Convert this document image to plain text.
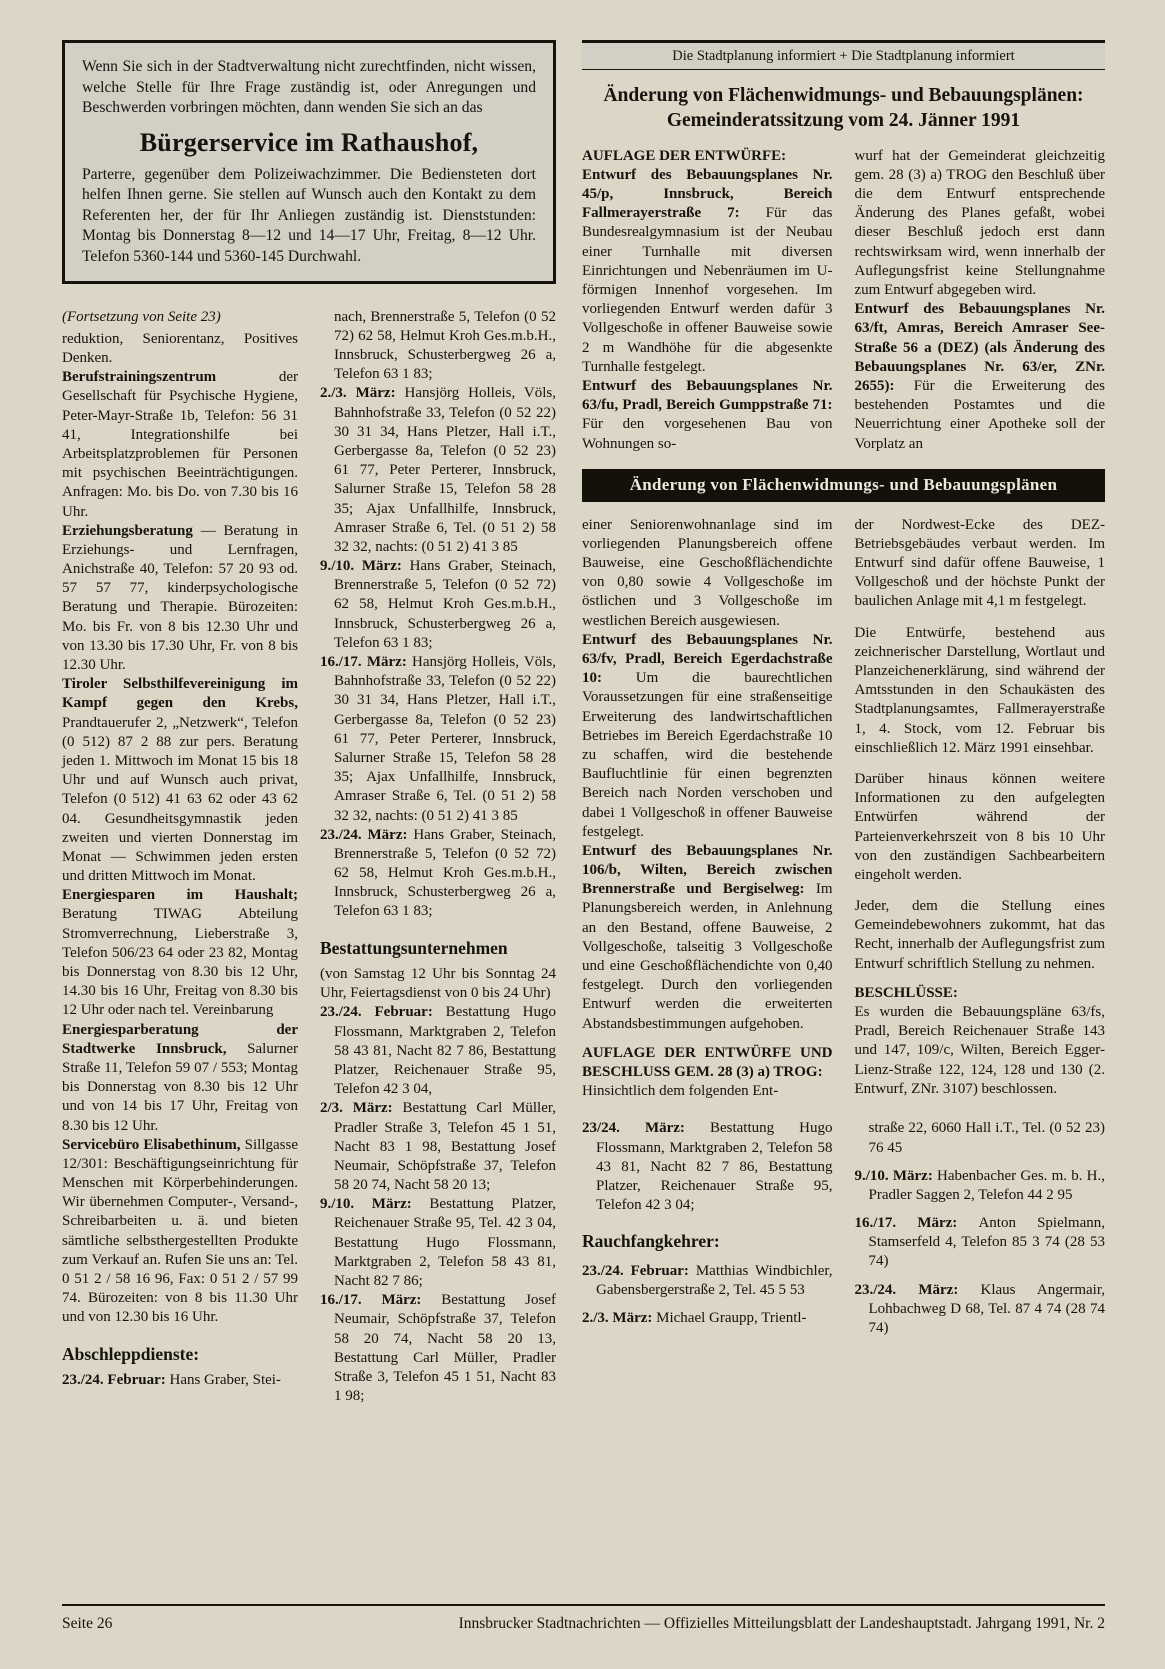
Wenn Sie sich in der Stadtverwaltung nicht zurechtfinden, nicht wissen, welche Stelle für Ihre Frage zuständig ist, oder Anregungen und Beschwerden vorbringen möchten, dann wenden Sie sich an das

Bürgerservice im Rathaushof,

Parterre, gegenüber dem Polizeiwachzimmer. Die Bediensteten dort helfen Ihnen gerne. Sie stellen auf Wunsch auch den Kontakt zu dem Referenten her, der für Ihr Anliegen zuständig ist. Dienststunden: Montag bis Donnerstag 8—12 und 14—17 Uhr, Freitag, 8—12 Uhr. Telefon 5360-144 und 5360-145 Durchwahl.

(Fortsetzung von Seite 23)

reduktion, Seniorentanz, Positives Denken.

Berufstrainingszentrum der Gesellschaft für Psychische Hygiene, Peter-Mayr-Straße 1b, Telefon: 56 31 41, Integrationshilfe bei Arbeitsplatzproblemen für Personen mit psychischen Beeinträchtigungen. Anfragen: Mo. bis Do. von 7.30 bis 16 Uhr.

Erziehungsberatung — Beratung in Erziehungs- und Lernfragen, Anichstraße 40, Telefon: 57 20 93 od. 57 57 77, kinderpsychologische Beratung und Therapie. Bürozeiten: Mo. bis Fr. von 8 bis 12.30 Uhr und von 13.30 bis 17.30 Uhr, Fr. von 8 bis 12.30 Uhr.

Tiroler Selbsthilfevereinigung im Kampf gegen den Krebs, Prandtauerufer 2, „Netzwerk“, Telefon (0 512) 87 2 88 zur pers. Beratung jeden 1. Mittwoch im Monat 15 bis 18 Uhr und auf Wunsch auch privat, Telefon (0 512) 41 63 62 oder 43 62 04. Gesundheitsgymnastik jeden zweiten und vierten Donnerstag im Monat — Schwimmen jeden ersten und dritten Mittwoch im Monat.

Energiesparen im Haushalt; Beratung TIWAG Abteilung Stromverrechnung, Lieberstraße 3, Telefon 506/23 64 oder 23 82, Montag bis Donnerstag von 8.30 bis 12 Uhr, 14.30 bis 16 Uhr, Freitag von 8.30 bis 12 Uhr oder nach tel. Vereinbarung

Energiesparberatung der Stadtwerke Innsbruck, Salurner Straße 11, Telefon 59 07 / 553; Montag bis Donnerstag von 8.30 bis 12 Uhr und von 14 bis 17 Uhr, Freitag von 8.30 bis 12 Uhr.

Servicebüro Elisabethinum, Sillgasse 12/301: Beschäftigungseinrichtung für Menschen mit Körperbehinderungen. Wir übernehmen Computer-, Versand-, Schreibarbeiten u. ä. und bieten sämtliche selbsthergestellten Produkte zum Verkauf an. Rufen Sie uns an: Tel. 0 51 2 / 58 16 96, Fax: 0 51 2 / 57 99 74. Bürozeiten: von 8 bis 11.30 Uhr und von 12.30 bis 16 Uhr.

Abschleppdienste:

23./24. Februar: Hans Graber, Stei-

nach, Brennerstraße 5, Telefon (0 52 72) 62 58, Helmut Kroh Ges.m.b.H., Innsbruck, Schusterbergweg 26 a, Telefon 63 1 83;

2./3. März: Hansjörg Holleis, Völs, Bahnhofstraße 33, Telefon (0 52 22) 30 31 34, Hans Pletzer, Hall i.T., Gerbergasse 8a, Telefon (0 52 23) 61 77, Peter Perterer, Innsbruck, Salurner Straße 15, Telefon 58 28 35; Ajax Unfallhilfe, Innsbruck, Amraser Straße 6, Tel. (0 51 2) 58 32 32, nachts: (0 51 2) 41 3 85

9./10. März: Hans Graber, Steinach, Brennerstraße 5, Telefon (0 52 72) 62 58, Helmut Kroh Ges.m.b.H., Innsbruck, Schusterbergweg 26 a, Telefon 63 1 83;

16./17. März: Hansjörg Holleis, Völs, Bahnhofstraße 33, Telefon (0 52 22) 30 31 34, Hans Pletzer, Hall i.T., Gerbergasse 8a, Telefon (0 52 23) 61 77, Peter Perterer, Innsbruck, Salurner Straße 15, Telefon 58 28 35; Ajax Unfallhilfe, Innsbruck, Amraser Straße 6, Tel. (0 51 2) 58 32 32, nachts: (0 51 2) 41 3 85

23./24. März: Hans Graber, Steinach, Brennerstraße 5, Telefon (0 52 72) 62 58, Helmut Kroh Ges.m.b.H., Innsbruck, Schusterbergweg 26 a, Telefon 63 1 83;

Bestattungsunternehmen

(von Samstag 12 Uhr bis Sonntag 24 Uhr, Feiertagsdienst von 0 bis 24 Uhr)

23./24. Februar: Bestattung Hugo Flossmann, Marktgraben 2, Telefon 58 43 81, Nacht 82 7 86, Bestattung Platzer, Reichenauer Straße 95, Telefon 42 3 04,

2/3. März: Bestattung Carl Müller, Pradler Straße 3, Telefon 45 1 51, Nacht 83 1 98, Bestattung Josef Neumair, Schöpfstraße 37, Telefon 58 20 74, Nacht 58 20 13;

9./10. März: Bestattung Platzer, Reichenauer Straße 95, Tel. 42 3 04, Bestattung Hugo Flossmann, Marktgraben 2, Telefon 58 43 81, Nacht 82 7 86;

16./17. März: Bestattung Josef Neumair, Schöpfstraße 37, Telefon 58 20 74, Nacht 58 20 13, Bestattung Carl Müller, Pradler Straße 3, Telefon 45 1 51, Nacht 83 1 98;

Die Stadtplanung informiert + Die Stadtplanung informiert
Änderung von Flächenwidmungs- und Bebauungsplänen:
Gemeinderatssitzung vom 24. Jänner 1991

AUFLAGE DER ENTWÜRFE:

Entwurf des Bebauungsplanes Nr. 45/p, Innsbruck, Bereich Fallmerayerstraße 7: Für das Bundesrealgymnasium ist der Neubau einer Turnhalle mit diversen Einrichtungen und Nebenräumen im U-förmigen Innenhof vorgesehen. Im vorliegenden Entwurf werden dafür 3 Vollgeschoße in offener Bauweise sowie 2 m Wandhöhe für die abgesenkte Turnhalle festgelegt.

Entwurf des Bebauungsplanes Nr. 63/fu, Pradl, Bereich Gumppstraße 71: Für den vorgesehenen Bau von Wohnungen so-

wurf hat der Gemeinderat gleichzeitig gem. 28 (3) a) TROG den Beschluß über die dem Entwurf entsprechende Änderung des Planes gefaßt, wobei dieser Beschluß jedoch erst dann rechtswirksam wird, wenn innerhalb der Auflegungsfrist keine Stellungnahme zum Entwurf abgegeben wird.

Entwurf des Bebauungsplanes Nr. 63/ft, Amras, Bereich Amraser See-Straße 56 a (DEZ) (als Änderung des Bebauungsplanes Nr. 63/er, ZNr. 2655): Für die Erweiterung des bestehenden Postamtes und die Neuerrichtung einer Apotheke soll der Vorplatz an

Änderung von Flächenwidmungs- und Bebauungsplänen

einer Seniorenwohnanlage sind im vorliegenden Planungsbereich offene Bauweise, eine Geschoßflächendichte von 0,80 sowie 4 Vollgeschoße im östlichen und 3 Vollgeschoße im westlichen Bereich ausgewiesen.

Entwurf des Bebauungsplanes Nr. 63/fv, Pradl, Bereich Egerdachstraße 10: Um die baurechtlichen Voraussetzungen für eine straßenseitige Erweiterung des landwirtschaftlichen Betriebes im Bereich Egerdachstraße 10 zu schaffen, wird die bestehende Baufluchtlinie für einen begrenzten Bereich nach Norden verschoben und dabei 1 Vollgeschoß in offener Bauweise festgelegt.

Entwurf des Bebauungsplanes Nr. 106/b, Wilten, Bereich zwischen Brennerstraße und Bergiselweg: Im Planungsbereich werden, in Anlehnung an den Bestand, offene Bauweise, 2 Vollgeschoße, talseitig 3 Vollgeschoße und eine Geschoßflächendichte von 0,40 festgelegt. Durch den vorliegenden Entwurf werden die erweiterten Abstandsbestimmungen aufgehoben.

AUFLAGE DER ENTWÜRFE UND BESCHLUSS GEM. 28 (3) a) TROG:

Hinsichtlich dem folgenden Ent-

der Nordwest-Ecke des DEZ-Betriebsgebäudes verbaut werden. Im Entwurf sind dafür offene Bauweise, 1 Vollgeschoß und der höchste Punkt der baulichen Anlage mit 4,1 m festgelegt.

Die Entwürfe, bestehend aus zeichnerischer Darstellung, Wortlaut und Planzeichenerklärung, sind während der Amtsstunden in den Schaukästen des Stadtplanungsamtes, Fallmerayerstraße 1, 4. Stock, vom 12. Februar bis einschließlich 12. März 1991 einsehbar.

Darüber hinaus können weitere Informationen zu den aufgelegten Entwürfen während der Parteienverkehrszeit von 8 bis 10 Uhr von den zuständigen Sachbearbeitern eingeholt werden.

Jeder, dem die Stellung eines Gemeindebewohners zukommt, hat das Recht, innerhalb der Auflegungsfrist zum Entwurf schriftlich Stellung zu nehmen.

BESCHLÜSSE:

Es wurden die Bebauungspläne 63/fs, Pradl, Bereich Reichenauer Straße 143 und 147, 109/c, Wilten, Bereich Egger-Lienz-Straße 122, 124, 128 und 130 (2. Entwurf, ZNr. 3107) beschlossen.

23/24. März: Bestattung Hugo Flossmann, Marktgraben 2, Telefon 58 43 81, Nacht 82 7 86, Bestattung Platzer, Reichenauer Straße 95, Telefon 42 3 04;

Rauchfangkehrer:

23./24. Februar: Matthias Windbichler, Gabensbergerstraße 2, Tel. 45 5 53

2./3. März: Michael Graupp, Trientl-

straße 22, 6060 Hall i.T., Tel. (0 52 23) 76 45

9./10. März: Habenbacher Ges. m. b. H., Pradler Saggen 2, Telefon 44 2 95

16./17. März: Anton Spielmann, Stamserfeld 4, Telefon 85 3 74 (28 53 74)

23./24. März: Klaus Angermair, Lohbachweg D 68, Tel. 87 4 74 (28 74 74)

Seite 26	Innsbrucker Stadtnachrichten — Offizielles Mitteilungsblatt der Landeshauptstadt. Jahrgang 1991, Nr. 2
